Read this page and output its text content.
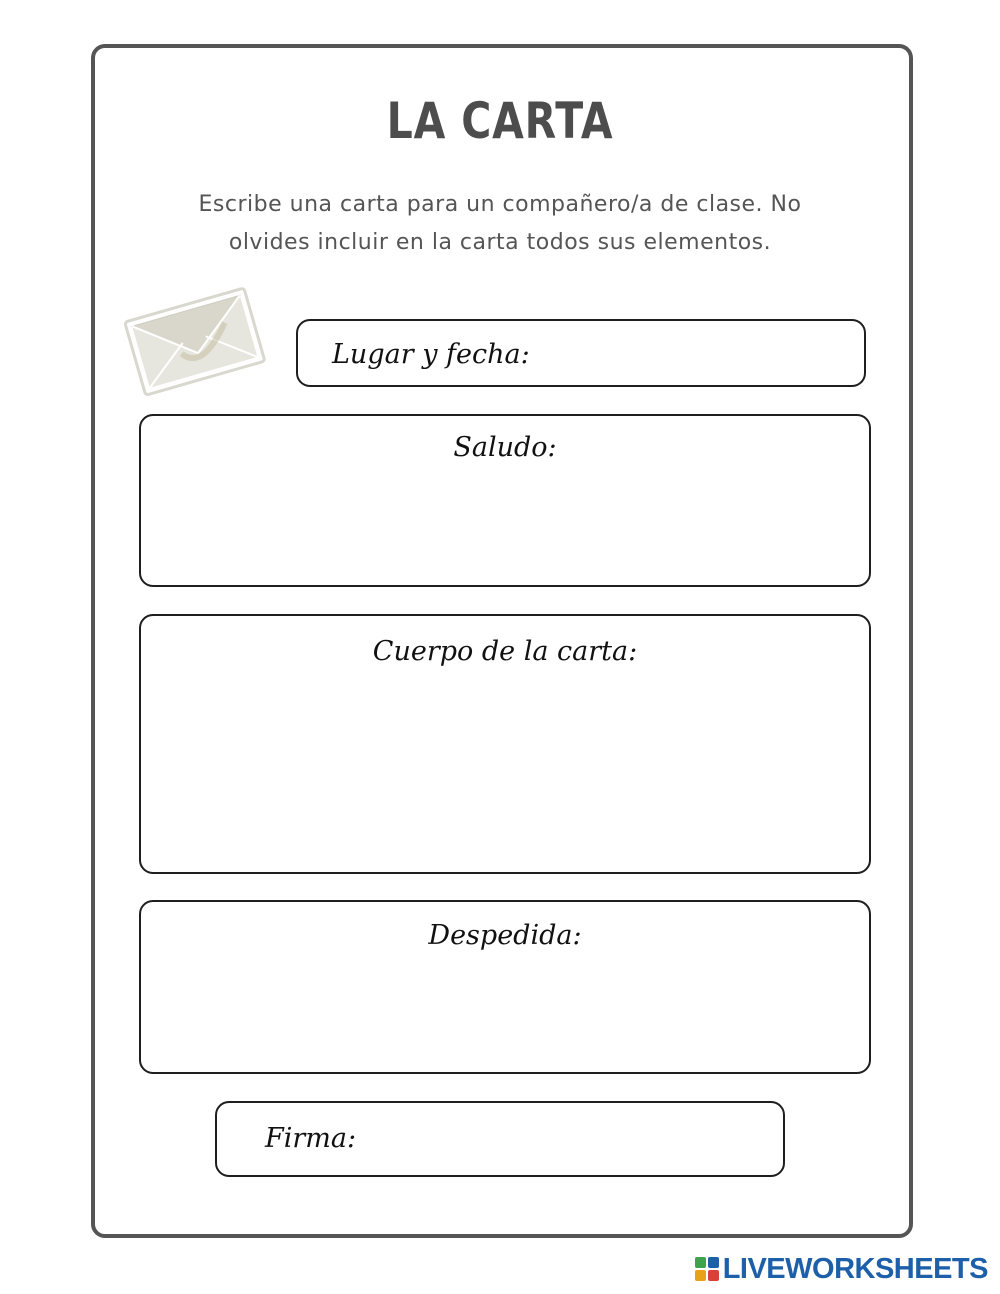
LA CARTA
Escribe una carta para un compañero/a de clase. No olvides incluir en la carta todos sus elementos.
Lugar y fecha:
Saludo:
Cuerpo de la carta:
Despedida:
Firma:
LIVEWORKSHEETS
